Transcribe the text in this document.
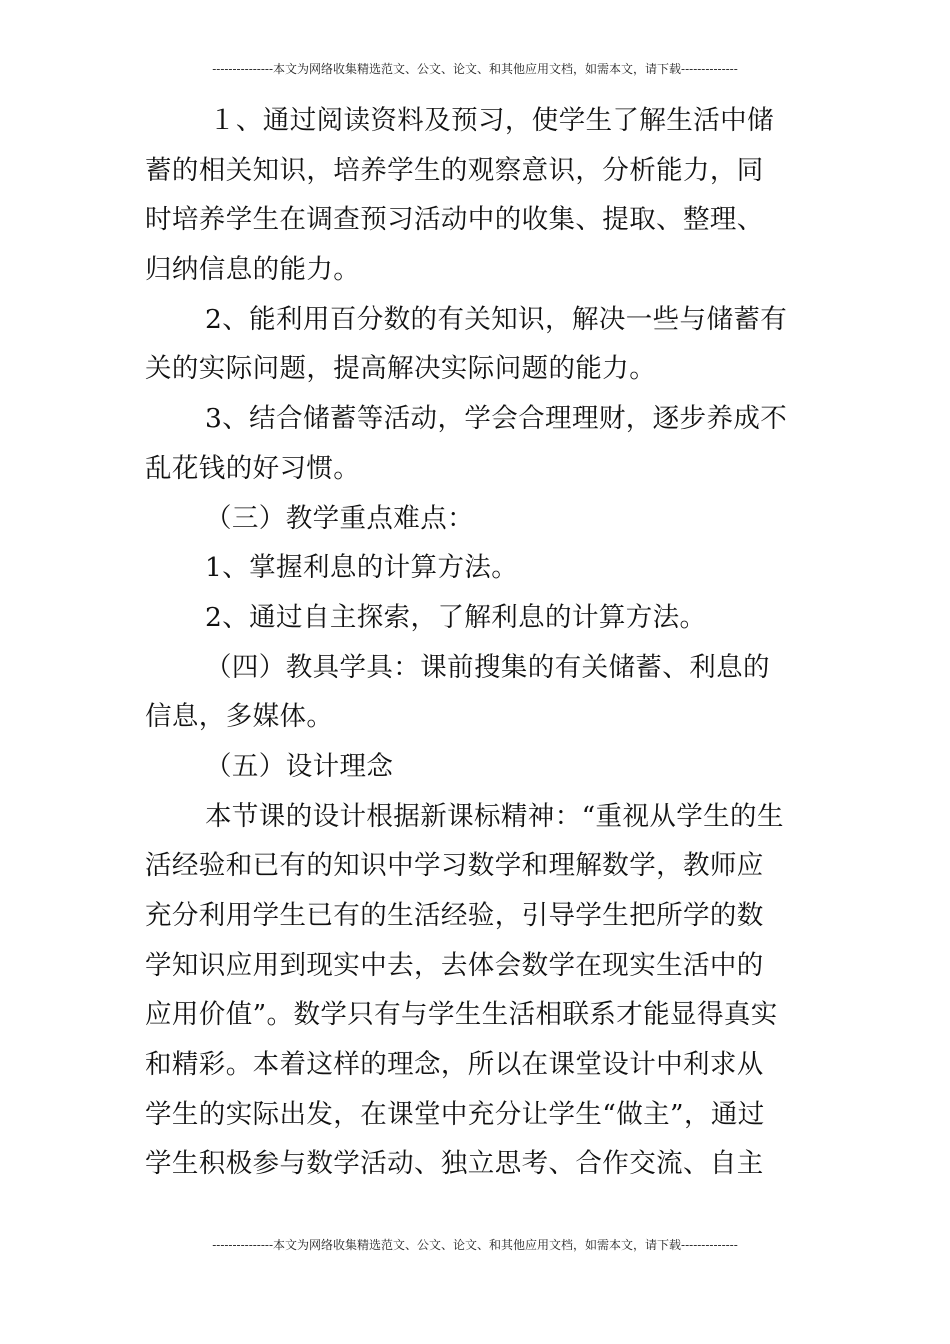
---------------本文为网络收集精选范文、公文、论文、和其他应用文档，如需本文，请下载--------------
１、通过阅读资料及预习，使学生了解生活中储
蓄的相关知识，培养学生的观察意识，分析能力，同
时培养学生在调查预习活动中的收集、提取、整理、
归纳信息的能力。
2、能利用百分数的有关知识，解决一些与储蓄有
关的实际问题，提高解决实际问题的能力。
3、结合储蓄等活动，学会合理理财，逐步养成不
乱花钱的好习惯。
（三）教学重点难点：
1、掌握利息的计算方法。
2、通过自主探索，了解利息的计算方法。
（四）教具学具：课前搜集的有关储蓄、利息的
信息，多媒体。
（五）设计理念
本节课的设计根据新课标精神：“重视从学生的生
活经验和已有的知识中学习数学和理解数学，教师应
充分利用学生已有的生活经验，引导学生把所学的数
学知识应用到现实中去，去体会数学在现实生活中的
应用价值”。数学只有与学生生活相联系才能显得真实
和精彩。本着这样的理念，所以在课堂设计中利求从
学生的实际出发，在课堂中充分让学生“做主”，通过
学生积极参与数学活动、独立思考、合作交流、自主
---------------本文为网络收集精选范文、公文、论文、和其他应用文档，如需本文，请下载--------------
